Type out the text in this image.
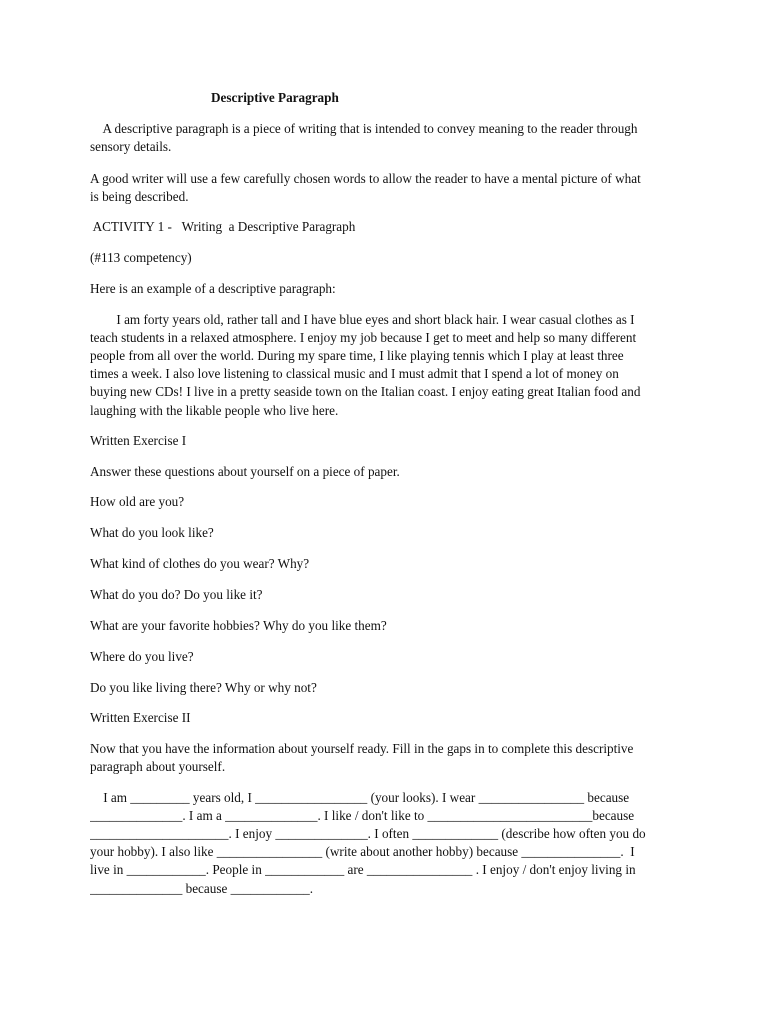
Descriptive Paragraph
A descriptive paragraph is a piece of writing that is intended to convey meaning to the reader through
sensory details.
A good writer will use a few carefully chosen words to allow the reader to have a mental picture of what
is being described.
ACTIVITY 1 -   Writing  a Descriptive Paragraph
(#113 competency)
Here is an example of a descriptive paragraph:
I am forty years old, rather tall and I have blue eyes and short black hair. I wear casual clothes as I
teach students in a relaxed atmosphere. I enjoy my job because I get to meet and help so many different
people from all over the world. During my spare time, I like playing tennis which I play at least three
times a week. I also love listening to classical music and I must admit that I spend a lot of money on
buying new CDs! I live in a pretty seaside town on the Italian coast. I enjoy eating great Italian food and
laughing with the likable people who live here.
Written Exercise I
Answer these questions about yourself on a piece of paper.
How old are you?
What do you look like?
What kind of clothes do you wear? Why?
What do you do? Do you like it?
What are your favorite hobbies? Why do you like them?
Where do you live?
Do you like living there? Why or why not?
Written Exercise II
Now that you have the information about yourself ready. Fill in the gaps in to complete this descriptive
paragraph about yourself.
I am _________ years old, I _________________ (your looks). I wear ________________ because
______________. I am a ______________. I like / don't like to _________________________because
_____________________. I enjoy ______________. I often _____________ (describe how often you do
your hobby). I also like ________________ (write about another hobby) because _______________.  I
live in ____________. People in ____________ are ________________ . I enjoy / don't enjoy living in
______________ because ____________.
